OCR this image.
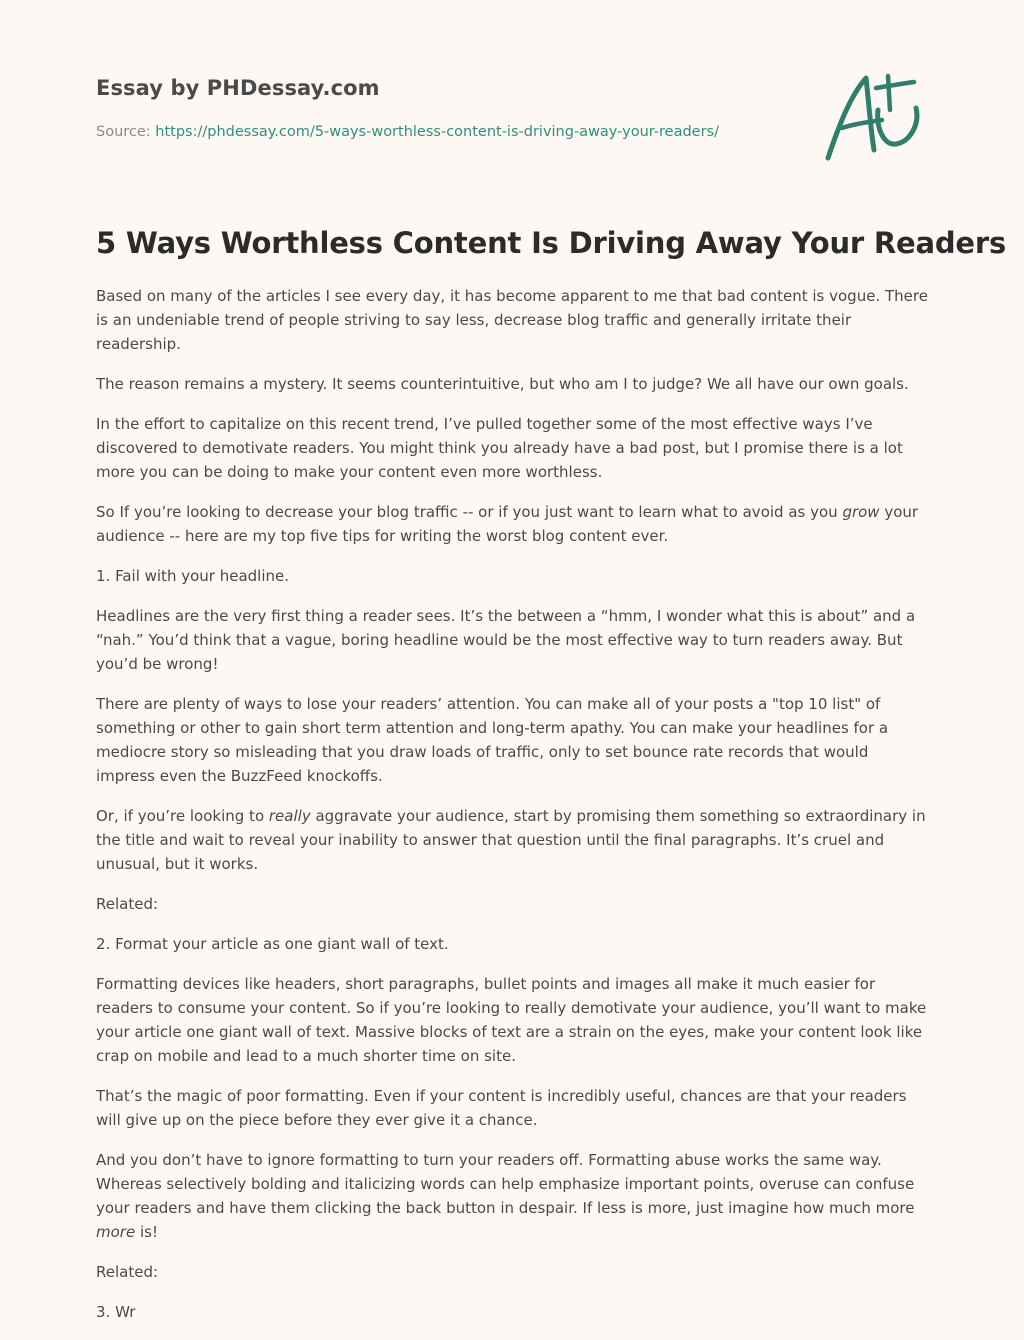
Essay by PHDessay.com
Source: https://phdessay.com/5-ways-worthless-content-is-driving-away-your-readers/
5 Ways Worthless Content Is Driving Away Your Readers

Based on many of the articles I see every day, it has become apparent to me that bad content is vogue. There is an undeniable trend of people striving to say less, decrease blog traffic and generally irritate their readership.

The reason remains a mystery. It seems counterintuitive, but who am I to judge? We all have our own goals.

In the effort to capitalize on this recent trend, I’ve pulled together some of the most effective ways I’ve discovered to demotivate readers. You might think you already have a bad post, but I promise there is a lot more you can be doing to make your content even more worthless.

So If you’re looking to decrease your blog traffic -- or if you just want to learn what to avoid as you grow your audience -- here are my top five tips for writing the worst blog content ever.

1. Fail with your headline.

Headlines are the very first thing a reader sees. It’s the between a “hmm, I wonder what this is about” and a “nah.” You’d think that a vague, boring headline would be the most effective way to turn readers away. But you’d be wrong!

There are plenty of ways to lose your readers’ attention. You can make all of your posts a "top 10 list" of something or other to gain short term attention and long-term apathy. You can make your headlines for a mediocre story so misleading that you draw loads of traffic, only to set bounce rate records that would impress even the BuzzFeed knockoffs.

Or, if you’re looking to really aggravate your audience, start by promising them something so extraordinary in the title and wait to reveal your inability to answer that question until the final paragraphs. It’s cruel and unusual, but it works.

Related:

2. Format your article as one giant wall of text.

Formatting devices like headers, short paragraphs, bullet points and images all make it much easier for readers to consume your content. So if you’re looking to really demotivate your audience, you’ll want to make your article one giant wall of text. Massive blocks of text are a strain on the eyes, make your content look like crap on mobile and lead to a much shorter time on site.

That’s the magic of poor formatting. Even if your content is incredibly useful, chances are that your readers will give up on the piece before they ever give it a chance.

And you don’t have to ignore formatting to turn your readers off. Formatting abuse works the same way. Whereas selectively bolding and italicizing words can help emphasize important points, overuse can confuse your readers and have them clicking the back button in despair. If less is more, just imagine how much more more is!

Related:

3. Wr
